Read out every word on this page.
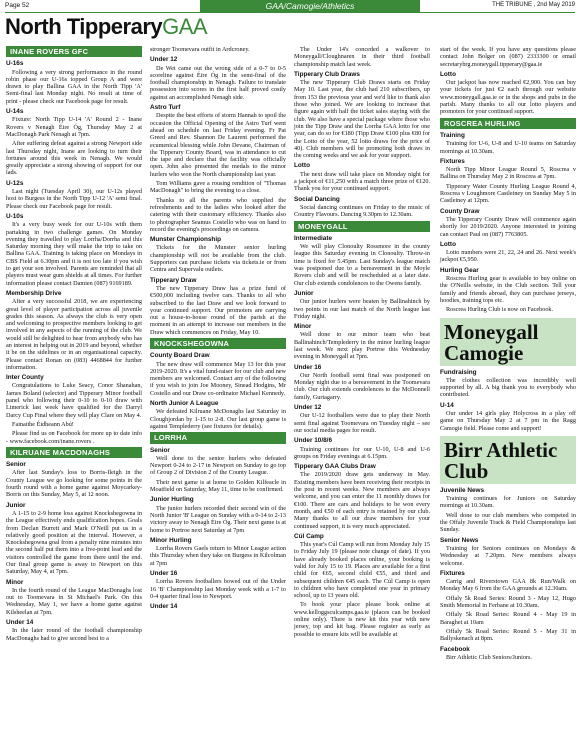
Page 52	GAA/Camogie/Athletics	THE TRIBUNE , 2nd May 2019
North TipperaryGAA
INANE ROVERS GFC
U-16s
Following a very strong performance in the round robin phase our U-16s topped Group A and were drawn to play Ballina GAA in the North Tipp 'A' Semi-final last Monday night. No result at time of print - please check our Facebook page for result.
U-14s
Fixture: North Tipp U-14 'A' Round 2 - Inane Rovers v Nenagh Éire Óg, Thursday May 2 at MacDonagh Park Nenagh at 7pm.
After suffering defeat against a strong Newport side last Thursday night, Inane are looking to turn their fortunes around this week in Nenagh. We would greatly appreciate a strong showing of support for our lads.
U-12s
Last night (Tuesday April 30), our U-12s played host to Burgess in the North Tipp U-12 'A' semi final. Please check our Facebook page for result.
U-10s
It's a very busy week for our U-10s with them partaking in two challenge games. On Monday evening they travelled to play Lorrha/Dorrha and this Saturday morning they will make the trip to take on Ballina GAA. Training is taking place on Mondays in CBS Field at 6.30pm and it is not too late if you wish to get your son involved. Parents are reminded that all players must wear gum shields at all times. For further information please contact Damien (087) 9169189.
Membership Drive
After a very successful 2018, we are experiencing great level of player participation across all juvenile grades this season. As always the club is very open and welcoming to prospective members looking to get involved in any aspects of the running of the club. We would still be delighted to hear from anybody who has an interest in helping out in 2019 and beyond, whether it be on the sidelines or in an organisational capacity. Please contact Ronan on (083) 4468844 for further information.
Inter County
Congratulations to Luke Seacy, Conor Shanahan, James Boland (selector) and Tipperary Minor football panel who following their 0-10 to 0-10 draw with Limerick last week have qualified for the Darryl Darcy Cup Final where they will play Clare on May 4.
Fainaithe Éidheann Abú!
Please find us on Facebook for more up to date info - www.facebook.com/inane.rovers .
KILRUANE MACDONAGHS
Senior
After last Sunday's loss to Borris-Ileigh in the County League we go looking for some points in the fourth round with a home game against Moycarkey-Borris on this Sunday, May 5, at 12 noon.
Junior
A 1-15 to 2-9 home loss against Knockshegowna in the League effectively ends qualification hopes. Goals from Declan Burrett and Mark O'Neill put us in a relatively good position at the interval. However, a Knockshegowna goal from a penalty nine minutes into the second half put them into a five-point lead and the visitors controlled the game from there until the end. Our final group game is away to Newport on this Saturday, May 4, at 7pm.
Minor
In the fourth round of the League MacDonaghs lost out to Toomevara in St Michael's Park. On this Wednesday, May 1, we have a home game against Kilsheelan at 7pm.
Under 14
In the later round of the football championship MacDonaghs had to give second best to a
stronger Toomevara outfit in Ardcroney.
Under 12
De Wet came out the wrong side of a 0-7 to 0-5 scoreline against Éire Óg in the semi-final of the football championship in Nenagh. Failure to translate possession into scores in the first half proved costly against an accomplished Nenagh side.
Astro Turf
Despite the best efforts of storm Hannah to spoil the occasion the Official Opening of the Astro Turf went ahead on schedule on last Friday evening. Fr Pat Greed and Rev. Shannon De Laurent performed the ecumenical blessing while John Devane, Chairman of the Tipperary County Board, was in attendance to cut the tape and declare that the facility was officially open. John also presented the medals to the minor hurlers who won the North championship last year.
Tom Williams gave a rousing rendition of "Thomas MacDonagh" to bring the evening to a close.
Thanks to all the parents who supplied the refreshments and to the ladies who looked after the catering with their customary efficiency. Thanks also to photographer Seamus Costello who was on hand to record the evening's proceedings on camera.
Munster Championship
Tickets for the Munster senior hurling championship will not be available from the club. Supporters can purchase tickets via tickets.ie or from Centra and Supervalu outlets.
Tipperary Draw
The new Tipperary Draw has a prize fund of €500,000 including twelve cars. Thanks to all who subscribed to the last Draw and we look forward to your continued support. Our promoters are carrying out a house-to-house round of the parish at the moment in an attempt to increase our members in the Draw which commences on Friday, May 10.
KNOCKSHEGOWNA
County Board Draw
The new draw will commence May 13 for this year 2019-2020. It's a vital fund-raiser for our club and new members are welcomed. Contact any of the following if you wish to join Joe Mooney, Sinead Hodgins, Mr Costello and our Draw co-ordinator Michael Kennedy.
North Junior A League
We defeated Kilruane McDonaghs last Saturday in Cloughjordan by 1-15 to 2-8. Our last group game is against Templederry (see fixtures for details).
LORRHA
Senior
Well done to the senior hurlers who defeated Newport 0-24 to 2-17 in Newport on Sunday to go top of Group 2 of Division 2 of the County League.
Their next game is at home to Golden Kilfeacle in Moatfield on Saturday, May 11, time to be confirmed.
Junior Hurling
The junior hurlers recorded their second win of the North Junior 'B' League on Sunday with a 0-14 to 2-13 victory away to Nenagh Éire Óg. Their next game is at home to Portroe next Saturday at 7pm
Minor Hurling
Lorrha Rovers Gaels return to Minor League action this Thursday when they take on Burgess in Kilcolman at 7pm
Under 16
Lorrha Rovers footballers bowed out of the Under 16 'B' Championship last Monday week with a 1-7 to 0-4 quarter final loss to Newport.
Under 14
The Under 14's conceded a walkover to Moneygall/Cloughnaren in their third football championship match last week.
Tipperary Club Draws
The new Tipperary Club Draws starts on Friday May 10. Last year, the club had 210 subscribers, up from 153 the previous year and we'd like to thank also those who joined. We are looking to increase that figure again with half the ticket sales staying with the club. We also have a special package where those who join the Tipp Draw and the Lorrha GAA lotto for one year, can do so for €180 (Tipp Draw €100 plus €80 for the Lotto of the year, 52 lotto draws for the price of 40). Club members will be promoting both draws in the coming weeks and we ask for your support.
Lotto
The next draw will take place on Monday night for a jackpot of €11,250 with a match three prize of €120. Thank you for your continued support.
Social Dancing
Social dancing continues on Friday to the music of Country Flavours. Dancing 9.30pm to 12.30am.
MONEYGALL
Intermediate
We will play Clonoulty Rossmore in the county league this Saturday evening in Clonoulty. Throw-in time is fixed for 5.45pm. Last Sunday's league match was postponed due to a bereavement in the Moyle Rovers club and will be rescheduled at a later date. Our club extends condolences to the Owens family.
Junior
Our junior hurlers were beaten by Ballinahinch by two points in our last match of the North league last Friday night.
Minor
Well done to our minor team who beat Ballinahinch/Templederry in the minor hurling league last week. We next play Portroe this Wednesday evening in Moneygall at 7pm.
Under 16
Our North football semi final was postponed on Monday night due to a bereavement in the Toomevara club. Our club extends condolences to the McDonnell family, Gurtagarry.
Under 12
Our U-12 footballers were due to play their North semi final against Toomevara on Tuesday night – see our social media pages for result.
Under 10/8/6
Training continues for our U-10, U-8 and U-6 groups on Friday evenings at 6.15pm.
Tipperary GAA Clubs Draw
The 2019/2020 draw gets underway in May. Existing members have been receiving their receipts in the post in recent weeks. New members are always welcome, and you can enter the 11 monthly draws for €100. There are cars and holidays to be won every month, and €50 of each entry is retained by our club. Many thanks to all our draw members for your continued support, it is very much appreciated.
Cúl Camp
This year's Cúl Camp will run from Monday July 15 to Friday July 19 (please note change of date). If you have already booked places online, your booking is valid for July 15 to 19. Places are available for a first child for €65, second child €55, and third and subsequent children €45 each. The Cúl Camp is open to children who have completed one year in primary school, up to 13 years old.
To book your place please book online at www.kelloggsculcamps.gaa.ie (places can be booked online only). There is new kit this year with new jersey, top and kit bag. Please register as early as possible to ensure kits will be available at
start of the week. If you have any questions please contact John Bolger on (087) 2333300 or email secretarybrg.moneygall.tipperary@gaa.ie
Lotto
Our jackpot has now reached €2,900. You can buy your tickets for just €2 each through our website www.moneygall.gaa.ie or in the shops and pubs in the parish. Many thanks to all our lotto players and promoters for your continued support.
ROSCREA HURLING
Training
Training for U-6, U-8 and U-10 teams on Saturday mornings at 10.30am.
Fixtures
North Tipp Minor League Round 5, Roscrea v Ballina on Thursday May 2 in Roscrea at 7pm.
Tipperary Water County Hurling League Round 4, Roscrea v Loughmore Castleiney on Sunday May 5 in Castleiney at 12pm.
County Draw
The Tipperary County Draw will commence again shortly for 2019/2020. Anyone interested in joining can contact Paul on (087) 7763805.
Lotto
Lotto numbers were 21, 22, 24 and 26. Next week's jackpot €5,950.
Hurling Gear
Roscrea Hurling gear is available to buy online on the O'Neills website, in the Club section. Tell your family and friends abroad, they can purchase jerseys, hoodies, training tops etc.
Roscrea Hurling Club is now on Facebook.
Moneygall Camogie
Fundraising
The clothes collection was incredibly well supported by all. A big thank you to everybody who contributed.
U-14
Our under 14 girls play Holycross in a play off game on Thursday May 2 at 7 pm in the Ragg Camogie field. Please come and support!
Birr Athletic Club
Juvenile News
Training continues for Juniors on Saturday mornings at 10.30am.
Well done to our club members who competed in the Offaly Juvenile Track & Field Championships last Sunday.
Senior News
Training for Seniors continues on Mondays & Wednesday at 7.20pm. New members always welcome.
Fixtures
Carrig and Riverstown GAA 8k Run/Walk on Monday May 6 from the GAA grounds at 12.30am.
Offaly 5k Road Series: Round 3 - May 12, Hugo Smith Memorial in Ferbane at 10.30am.
Offaly 5k Road Series: Round 4 - May 19 in Baraghet at 10am
Offaly 5k Road Series: Round 5 - May 31 in Ballyskenach at 8pm.
Facebook
Birr Athletic Club Seniors/Juniors.
